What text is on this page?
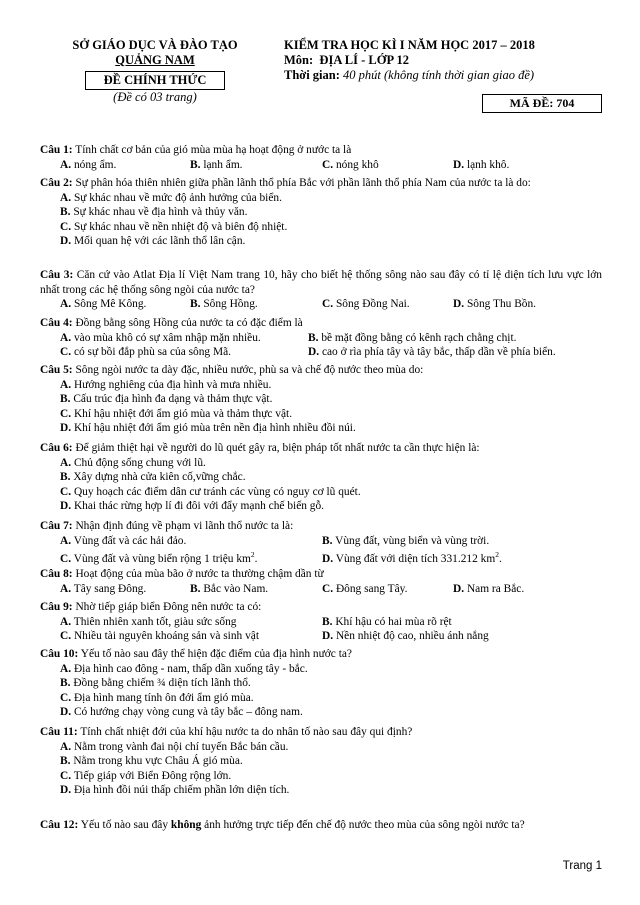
SỞ GIÁO DỤC VÀ ĐÀO TẠO
QUẢNG NAM
ĐỀ CHÍNH THỨC
(Đề có 03 trang)
KIỂM TRA HỌC KÌ I NĂM HỌC 2017 – 2018
Môn: ĐỊA LÍ - LỚP 12
Thời gian: 40 phút (không tính thời gian giao đề)
MÃ ĐỀ: 704
Câu 1: Tính chất cơ bản của gió mùa mùa hạ hoạt động ở nước ta là
A. nóng ẩm.	B. lạnh ẩm.	C. nóng khô	D. lạnh khô.
Câu 2: Sự phân hóa thiên nhiên giữa phần lãnh thổ phía Bắc với phần lãnh thổ phía Nam của nước ta là do:
A. Sự khác nhau về mức độ ảnh hưởng của biển.
B. Sự khác nhau về địa hình và thủy văn.
C. Sự khác nhau về nền nhiệt độ và biên độ nhiệt.
D. Mối quan hệ với các lãnh thổ lân cận.
Câu 3: Căn cứ vào Atlat Địa lí Việt Nam trang 10, hãy cho biết hệ thống sông nào sau đây có tỉ lệ diện tích lưu vực lớn nhất trong các hệ thống sông ngòi của nước ta?
A. Sông Mê Kông.	B. Sông Hồng.	C. Sông Đồng Nai.	D. Sông Thu Bồn.
Câu 4: Đồng bằng sông Hồng của nước ta có đặc điểm là
A. vào mùa khô có sự xâm nhập mặn nhiều.	B. bề mặt đồng bằng có kênh rạch chằng chịt.
C. có sự bồi đắp phù sa của sông Mã.	D. cao ở rìa phía tây và tây bắc, thấp dần về phía biển.
Câu 5: Sông ngòi nước ta dày đặc, nhiều nước, phù sa và chế độ nước theo mùa do:
A. Hướng nghiêng của địa hình và mưa nhiều.
B. Cấu trúc địa hình đa dạng và thảm thực vật.
C. Khí hậu nhiệt đới ẩm gió mùa và thảm thực vật.
D. Khí hậu nhiệt đới ẩm gió mùa trên nền địa hình nhiều đồi núi.
Câu 6: Để giảm thiệt hại về người do lũ quét gây ra, biện pháp tốt nhất nước ta cần thực hiện là:
A. Chủ động sống chung với lũ.
B. Xây dựng nhà cửa kiên cố,vững chắc.
C. Quy hoạch các điểm dân cư tránh các vùng có nguy cơ lũ quét.
D. Khai thác rừng hợp lí đi đôi với đẩy mạnh chế biến gỗ.
Câu 7: Nhận định đúng về phạm vi lãnh thổ nước ta là:
A. Vùng đất và các hải đảo.	B. Vùng đất, vùng biển và vùng trời.
C. Vùng đất và vùng biển rộng 1 triệu $km^2$.	D. Vùng đất với diện tích 331.212 $km^2$.
Câu 8: Hoạt động của mùa bão ở nước ta thường chậm dần từ
A. Tây sang Đông.	B. Bắc vào Nam.	C. Đông sang Tây.	D. Nam ra Bắc.
Câu 9: Nhờ tiếp giáp biển Đông nên nước ta có:
A. Thiên nhiên xanh tốt, giàu sức sống	B. Khí hậu có hai mùa rõ rệt
C. Nhiều tài nguyên khoáng sản và sinh vật	D. Nền nhiệt độ cao, nhiều ánh nắng
Câu 10: Yếu tố nào sau đây thể hiện đặc điểm của địa hình nước ta?
A. Địa hình cao đông - nam, thấp dần xuống tây - bắc.
B. Đồng bằng chiếm ¾ diện tích lãnh thổ.
C. Địa hình mang tính ôn đới ẩm gió mùa.
D. Có hướng chạy vòng cung và tây bắc – đông nam.
Câu 11: Tính chất nhiệt đới của khí hậu nước ta do nhân tố nào sau đây qui định?
A. Nằm trong vành đai nội chí tuyến Bắc bán cầu.
B. Nằm trong khu vực Châu Á gió mùa.
C. Tiếp giáp với Biển Đông rộng lớn.
D. Địa hình đồi núi thấp chiếm phần lớn diện tích.
Câu 12: Yếu tố nào sau đây không ảnh hưởng trực tiếp đến chế độ nước theo mùa của sông ngòi nước ta?
Trang 1
